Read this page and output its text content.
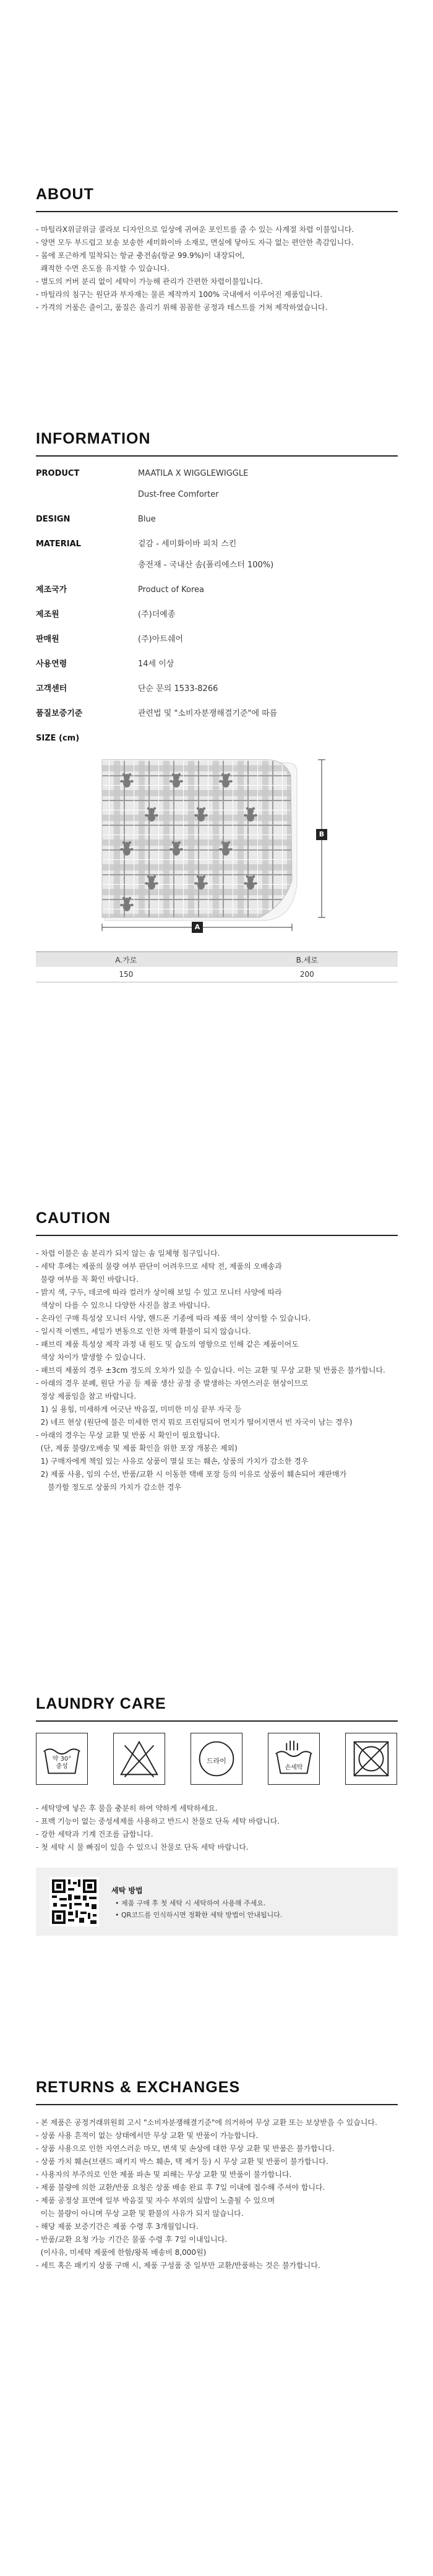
ABOUT
- 마틸라X위글위글 콜라보 디자인으로 일상에 귀여운 포인트를 줄 수 있는 사계절 차렵 이불입니다.
- 양면 모두 부드럽고 보송 보송한 세미화이바 소재로, 면실에 닿아도 자극 없는 편안한 촉감입니다.
- 몸에 포근하게 밀착되는 항균 충전솜(항균 99.9%)이 내장되어,
쾌적한 수면 온도를 유지할 수 있습니다.
- 별도의 커버 분리 없이 세탁이 가능해 관리가 간편한 차렵이불입니다.
- 마틸라의 침구는 원단과 부자재는 물론 제작까지 100% 국내에서 이루어진 제품입니다.
- 가격의 거품은 줄이고, 품질은 올리기 위해 꼼꼼한 공정과 테스트를 거쳐 제작하였습니다.
INFORMATION
PRODUCT	MAATILA X WIGGLEWIGGLE
Dust-free Comforter
DESIGN	Blue
MATERIAL	겉감 - 세미화이바 피치 스킨
충전재 - 국내산 솜(폴리에스터 100%)
제조국가	Product of Korea
제조원	(주)더예종
판매원	(주)아트쉐어
사용연령	14세 이상
고객센터	단순 문의 1533-8266
품질보증기준	관련법 및 "소비자분쟁해결기준"에 따름
SIZE (cm)
B
A
A.가로	B.세로
150	200
CAUTION
- 차렵 이불은 솜 분리가 되지 않는 솜 일체형 침구입니다.
- 세탁 후에는 제품의 물량 여부 판단이 어려우므로 세탁 전, 제품의 오배송과
불량 여부를 꼭 확인 바랍니다.
- 밝지 색, 구두, 데코에 따라 컬러가 상이해 보일 수 있고 모니터 사양에 따라
색상이 다를 수 있으니 다양한 사진을 참조 바랍니다.
- 온라인 구매 특성상 모니터 사양, 핸드폰 기종에 따라 제품 색이 상이할 수 있습니다.
- 일시적 이벤트, 세일가 변동으로 인한 차액 환불이 되지 않습니다.
- 패브릭 제품 특성상 제작 과정 내 원도 및 습도의 영향으로 인해 같은 제품이어도
색상 차이가 발생할 수 있습니다.
- 패브릭 제품의 경우 ±3cm 정도의 오차가 있을 수 있습니다. 이는 교환 및 무상 교환 및 반품은 불가합니다.
- 아래의 경우 분폐, 원단 가공 등 제품 생산 공정 중 발생하는 자연스러운 현상이므로
정상 제품임을 참고 바랍니다.
1) 실 용힘, 미세하게 어긋난 박음질, 미미한 미싱 끝부 자국 등
2) 네프 현상 (원단에 불은 미세한 먼지 뭐로 프린팅되어 먼지가 떨어지면서 빈 자국이 남는 경우)
- 아래의 경우는 무상 교환 및 반품 시 확인이 필요합니다.
(단, 제품 불량/오배송 및 제품 확인을 위한 포장 개봉은 제외)
1) 구매자에게 책임 있는 사유로 상품이 멸실 또는 훼손, 상품의 가치가 감소한 경우
2) 제품 사용, 임의 수선, 반품/교환 시 이동한 택배 포장 등의 이유로 상품이 훼손되어 재판매가
불가할 정도로 상품의 가치가 감소한 경우
LAUNDRY CARE
약 30°
중성
드라이
손세탁
- 세탁망에 넣은 후 물을 충분히 하여 약하게 세탁하세요.
- 표백 기능이 없는 중성세제를 사용하고 반드시 찬물로 단독 세탁 바랍니다.
- 강한 세탁과 기계 건조를 금합니다.
- 첫 세탁 시 물 빠짐이 있을 수 있으니 찬물로 단독 세탁 바랍니다.
세탁 방법
• 제품 구매 후 첫 세탁 시 세탁하여 사용해 주세요.
• QR코드를 인식하시면 정확한 세탁 방법이 안내됩니다.
RETURNS & EXCHANGES
- 본 제품은 공정거래위원회 고시 "소비자분쟁해결기준"에 의거하여 무상 교환 또는 보상받을 수 있습니다.
- 상품 사용 흔적이 없는 상태에서만 무상 교환 및 반품이 가능합니다.
- 상품 사용으로 인한 자연스러운 마모, 변색 및 손상에 대한 무상 교환 및 반품은 불가합니다.
- 상품 가치 훼손(브랜드 패키지 박스 훼손, 택 제거 등) 시 무상 교환 및 반품이 불가합니다.
- 사용자의 부주의로 인한 제품 파손 및 피해는 무상 교환 및 반품이 불가합니다.
- 제품 불량에 의한 교환/반품 요청은 상품 배송 완료 후 7일 이내에 접수해 주셔야 합니다.
- 제품 공정상 표면에 일부 박음질 및 자수 부위의 실밥이 노출될 수 있으며
이는 불량이 아니며 무상 교환 및 환불의 사유가 되지 않습니다.
- 해당 제품 보증기간은 제품 수령 후 3개월입니다.
- 반품/교환 요청 가능 기간은 물품 수령 후 7일 이내입니다.
(이사유, 미세탁 제품에 한함/왕복 배송비 8,000원)
- 세트 혹은 패키지 상품 구매 시, 제품 구성품 중 일부만 교환/반품하는 것은 불가합니다.
